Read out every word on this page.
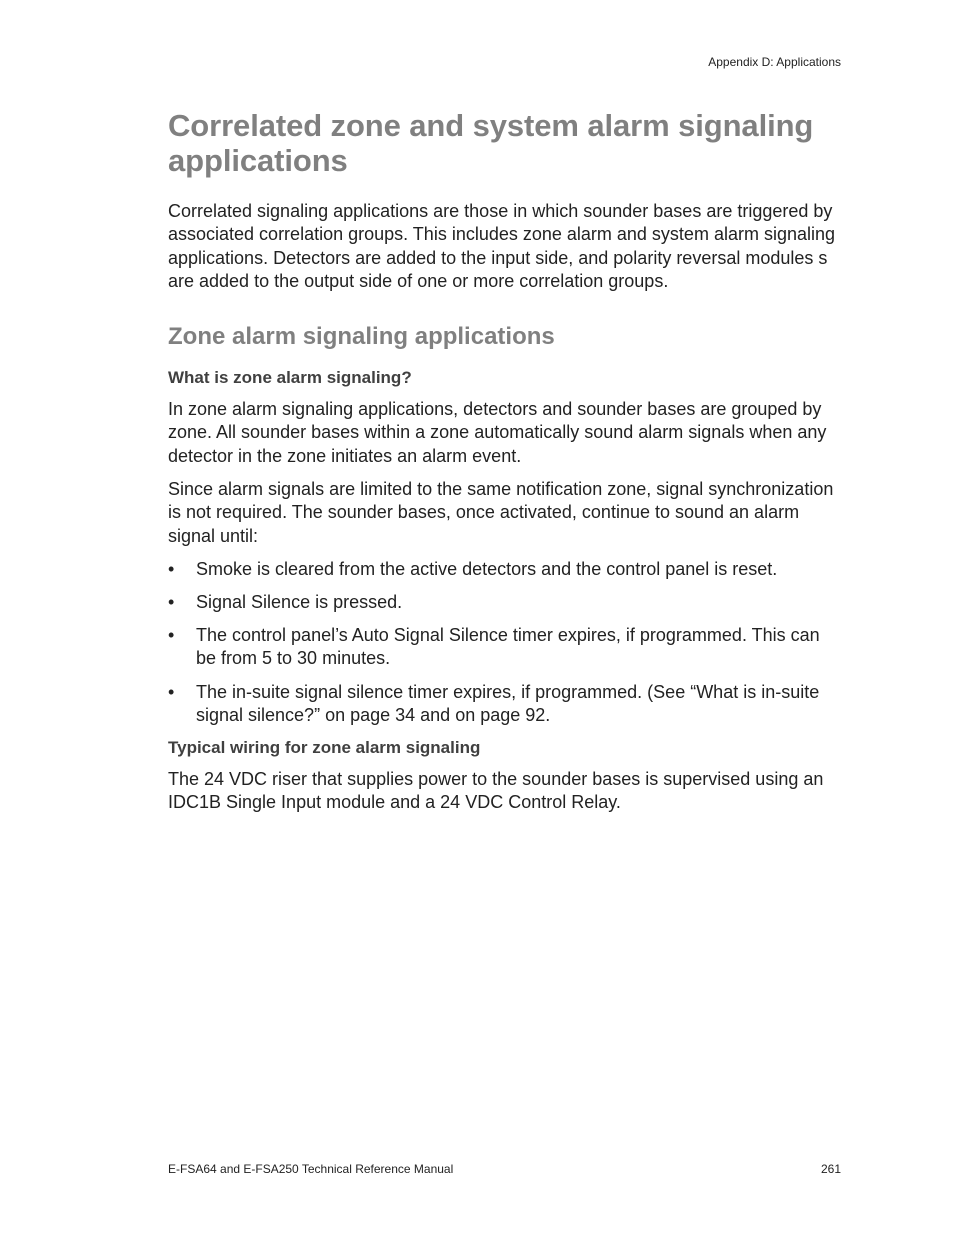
Appendix D: Applications
Correlated zone and system alarm signaling applications

Correlated signaling applications are those in which sounder bases are triggered by associated correlation groups. This includes zone alarm and system alarm signaling applications. Detectors are added to the input side, and polarity reversal modules s are added to the output side of one or more correlation groups.

Zone alarm signaling applications
What is zone alarm signaling?

In zone alarm signaling applications, detectors and sounder bases are grouped by zone. All sounder bases within a zone automatically sound alarm signals when any detector in the zone initiates an alarm event.

Since alarm signals are limited to the same notification zone, signal synchronization is not required. The sounder bases, once activated, continue to sound an alarm signal until:

• Smoke is cleared from the active detectors and the control panel is reset.
• Signal Silence is pressed.
• The control panel’s Auto Signal Silence timer expires, if programmed. This can be from 5 to 30 minutes.
• The in-suite signal silence timer expires, if programmed. (See “What is in-suite signal silence?” on page 34 and on page 92.
Typical wiring for zone alarm signaling

The 24 VDC riser that supplies power to the sounder bases is supervised using an IDC1B Single Input module and a 24 VDC Control Relay.

E-FSA64 and E-FSA250 Technical Reference Manual	261
